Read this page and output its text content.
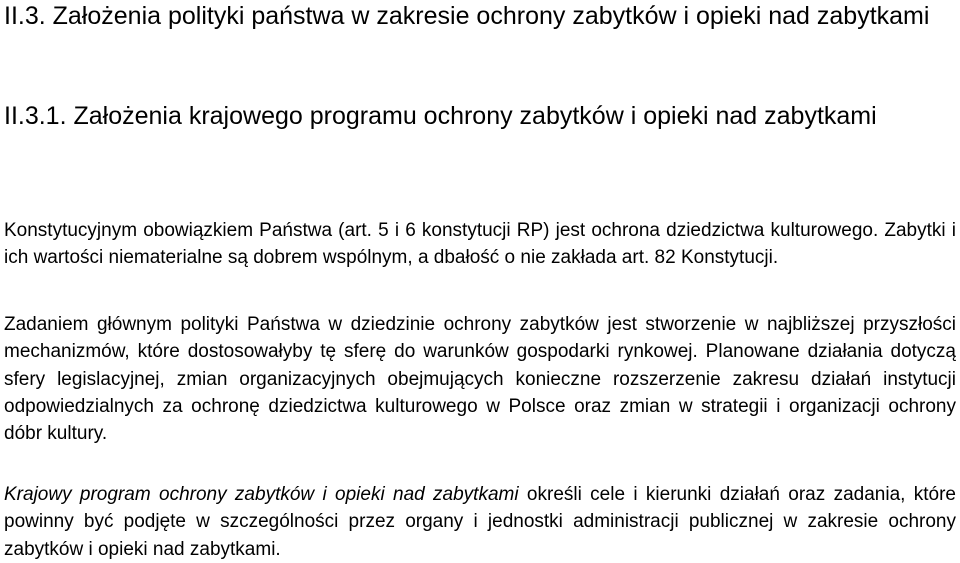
II.3. Założenia polityki państwa w zakresie ochrony zabytków i opieki nad zabytkami
II.3.1. Założenia krajowego programu ochrony zabytków i opieki nad zabytkami

Konstytucyjnym obowiązkiem Państwa (art. 5 i 6 konstytucji RP) jest ochrona dziedzictwa kulturowego. Zabytki i ich wartości niematerialne są dobrem wspólnym, a dbałość o nie zakłada art. 82 Konstytucji.

Zadaniem głównym polityki Państwa w dziedzinie ochrony zabytków jest stworzenie w najbliższej przyszłości mechanizmów, które dostosowałyby tę sferę do warunków gospodarki rynkowej. Planowane działania dotyczą sfery legislacyjnej, zmian organizacyjnych obejmujących konieczne rozszerzenie zakresu działań instytucji odpowiedzialnych za ochronę dziedzictwa kulturowego w Polsce oraz zmian w strategii i organizacji ochrony dóbr kultury.

Krajowy program ochrony zabytków i opieki nad zabytkami określi cele i kierunki działań oraz zadania, które powinny być podjęte w szczególności przez organy i jednostki administracji publicznej w zakresie ochrony zabytków i opieki nad zabytkami.
